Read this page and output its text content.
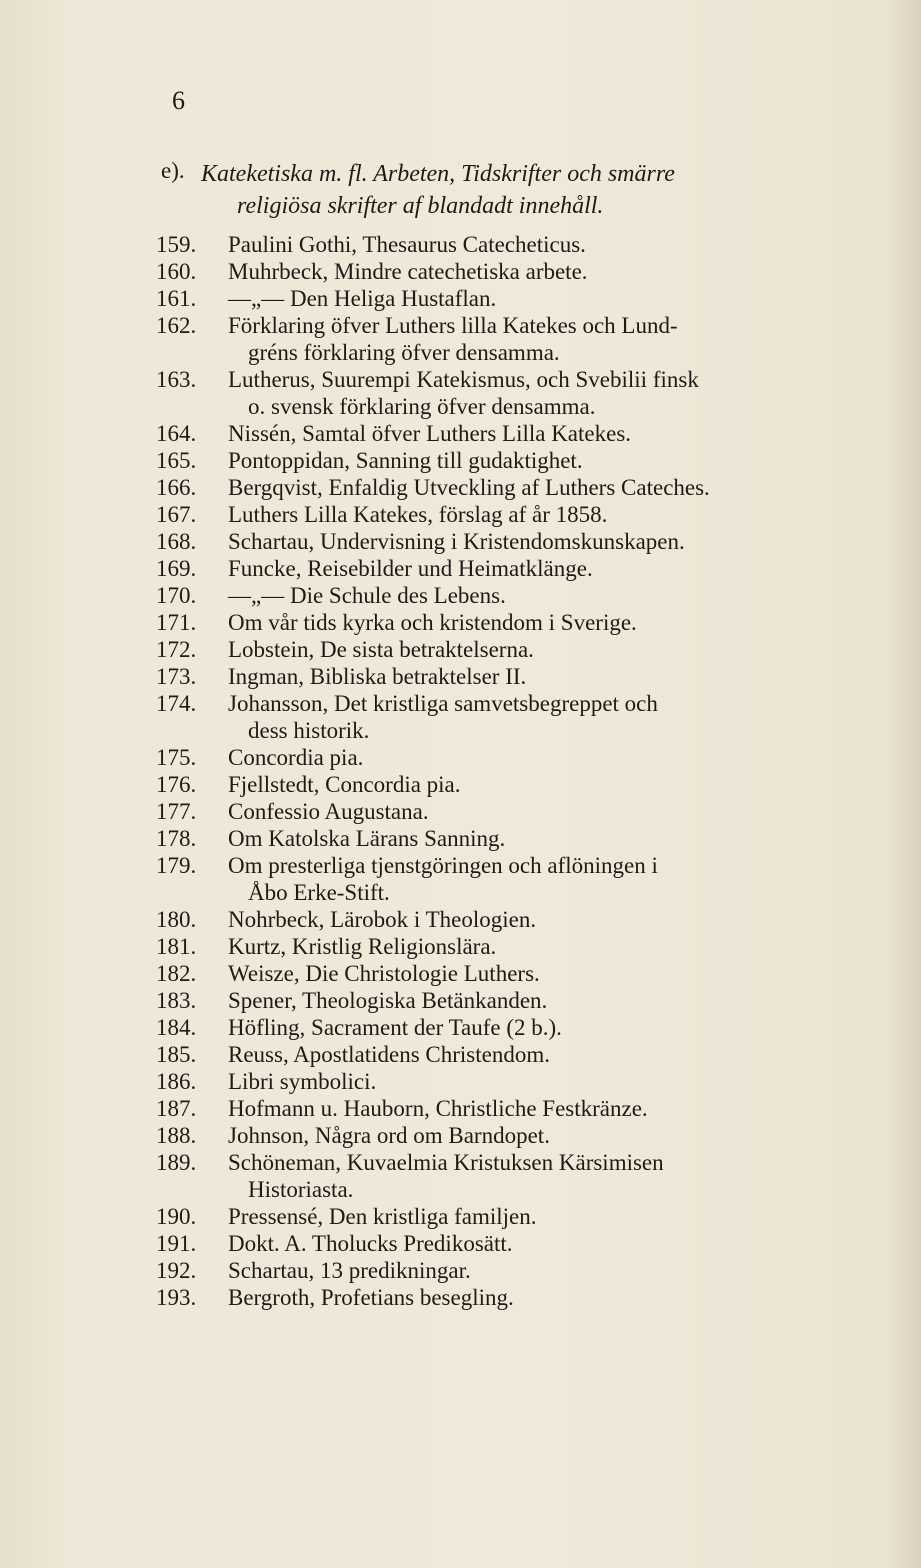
6
e). Kateketiska m. fl. Arbeten, Tidskrifter och smärre
religiösa skrifter af blandadt innehåll.
159.	Paulini Gothi, Thesaurus Catecheticus.
160.	Muhrbeck, Mindre catechetiska arbete.
161.	—„— Den Heliga Hustaflan.
162.	Förklaring öfver Luthers lilla Katekes och Lund-
gréns förklaring öfver densamma.
163.	Lutherus, Suurempi Katekismus, och Svebilii finsk
o. svensk förklaring öfver densamma.
164.	Nissén, Samtal öfver Luthers Lilla Katekes.
165.	Pontoppidan, Sanning till gudaktighet.
166.	Bergqvist, Enfaldig Utveckling af Luthers Cateches.
167.	Luthers Lilla Katekes, förslag af år 1858.
168.	Schartau, Undervisning i Kristendomskunskapen.
169.	Funcke, Reisebilder und Heimatklänge.
170.	—„— Die Schule des Lebens.
171.	Om vår tids kyrka och kristendom i Sverige.
172.	Lobstein, De sista betraktelserna.
173.	Ingman, Bibliska betraktelser II.
174.	Johansson, Det kristliga samvetsbegreppet och
dess historik.
175.	Concordia pia.
176.	Fjellstedt, Concordia pia.
177.	Confessio Augustana.
178.	Om Katolska Lärans Sanning.
179.	Om presterliga tjenstgöringen och aflöningen i
Åbo Erke-Stift.
180.	Nohrbeck, Lärobok i Theologien.
181.	Kurtz, Kristlig Religionslära.
182.	Weisze, Die Christologie Luthers.
183.	Spener, Theologiska Betänkanden.
184.	Höfling, Sacrament der Taufe (2 b.).
185.	Reuss, Apostlatidens Christendom.
186.	Libri symbolici.
187.	Hofmann u. Hauborn, Christliche Festkränze.
188.	Johnson, Några ord om Barndopet.
189.	Schöneman, Kuvaelmia Kristuksen Kärsimisen
Historiasta.
190.	Pressensé, Den kristliga familjen.
191.	Dokt. A. Tholucks Predikosätt.
192.	Schartau, 13 predikningar.
193.	Bergroth, Profetians besegling.
